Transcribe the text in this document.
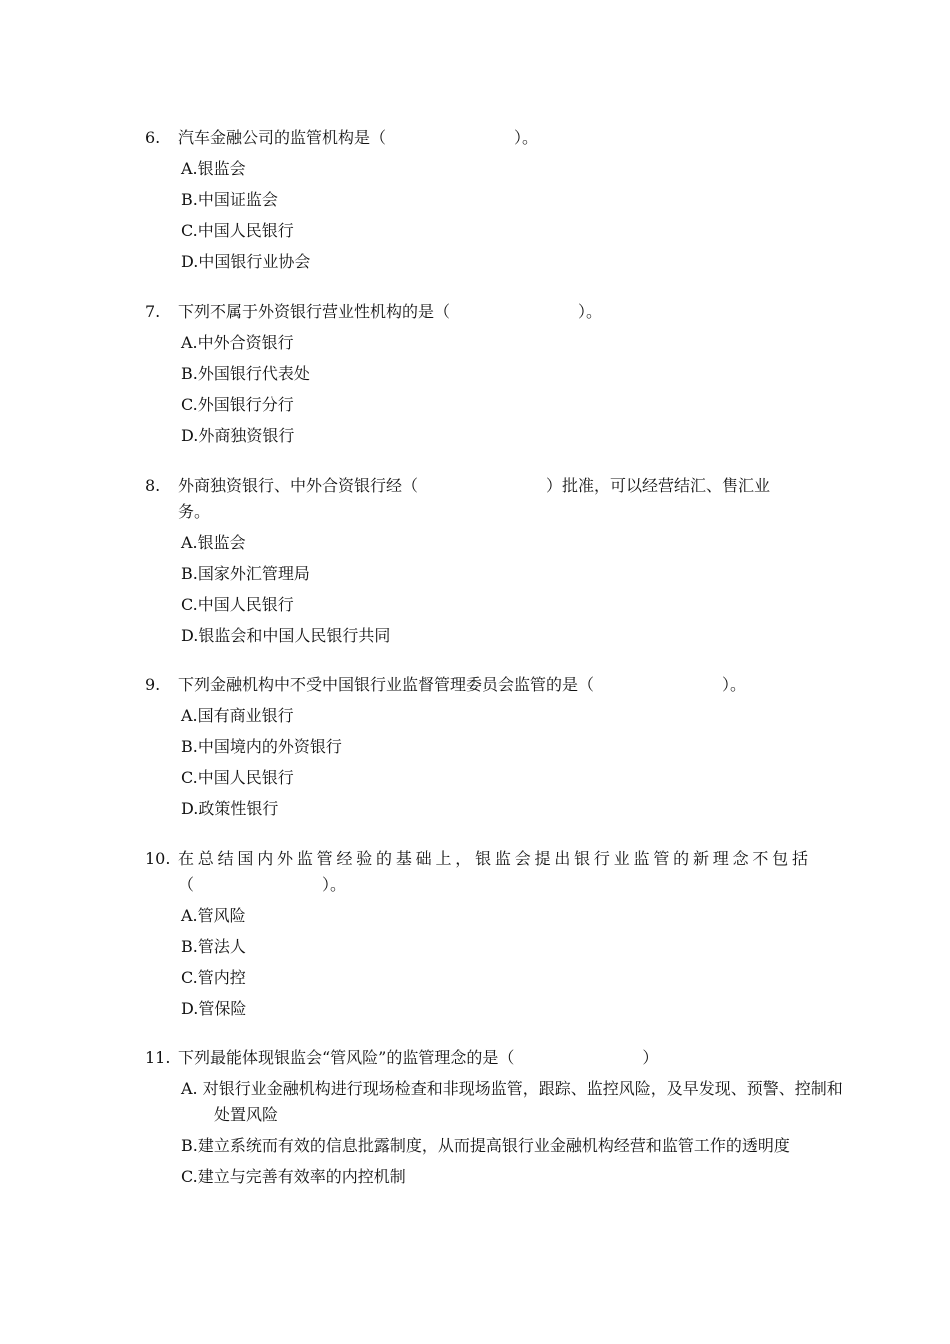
6.	汽车金融公司的监管机构是（	）。
A.银监会
B.中国证监会
C.中国人民银行
D.中国银行业协会
7.	下列不属于外资银行营业性机构的是（	）。
A.中外合资银行
B.外国银行代表处
C.外国银行分行
D.外商独资银行
8.	外商独资银行、中外合资银行经（	）批准，可以经营结汇、售汇业
务。
A.银监会
B.国家外汇管理局
C.中国人民银行
D.银监会和中国人民银行共同
9.	下列金融机构中不受中国银行业监督管理委员会监管的是（	）。
A.国有商业银行
B.中国境内的外资银行
C.中国人民银行
D.政策性银行
10. 在总结国内外监管经验的基础上，银监会提出银行业监管的新理念不包括
（	）。
A.管风险
B.管法人
C.管内控
D.管保险
11. 下列最能体现银监会“管风险”的监管理念的是（	）
A. 对银行业金融机构进行现场检查和非现场监管，跟踪、监控风险，及早发现、预警、控制和处置风险
B.建立系统而有效的信息批露制度，从而提高银行业金融机构经营和监管工作的透明度
C.建立与完善有效率的内控机制
